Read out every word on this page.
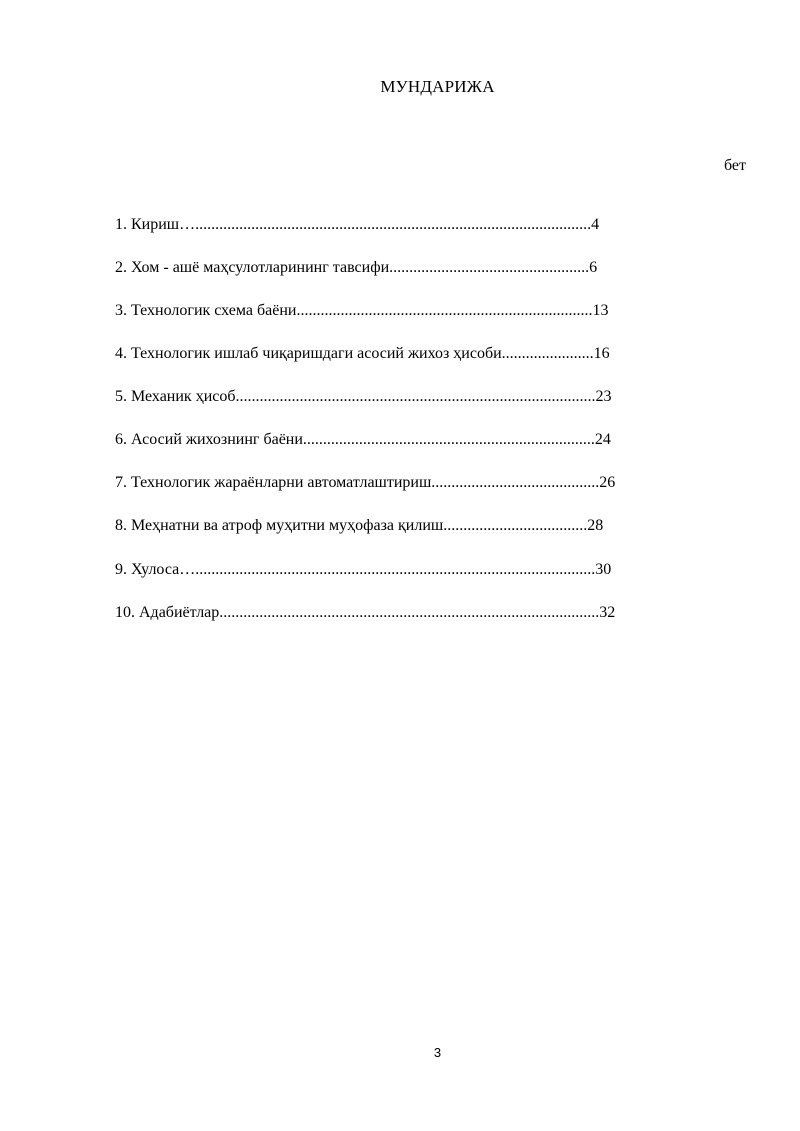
МУНДАРИЖА
бет
1. Кириш…...................................................................................................4
2. Хом - ашё маҳсулотларининг тавсифи..................................................6
3. Технологик схема баёни..........................................................................13
4. Технологик ишлаб чиқаришдаги асосий жихоз ҳисоби.......................16
5. Механик ҳисоб..........................................................................................23
6. Асосий жихознинг баёни.........................................................................24
7. Технологик жараёнларни автоматлаштириш..........................................26
8. Меҳнатни ва атроф муҳитни муҳофаза қилиш....................................28
9. Хулоса…....................................................................................................30
10. Адабиётлар...............................................................................................32
3
